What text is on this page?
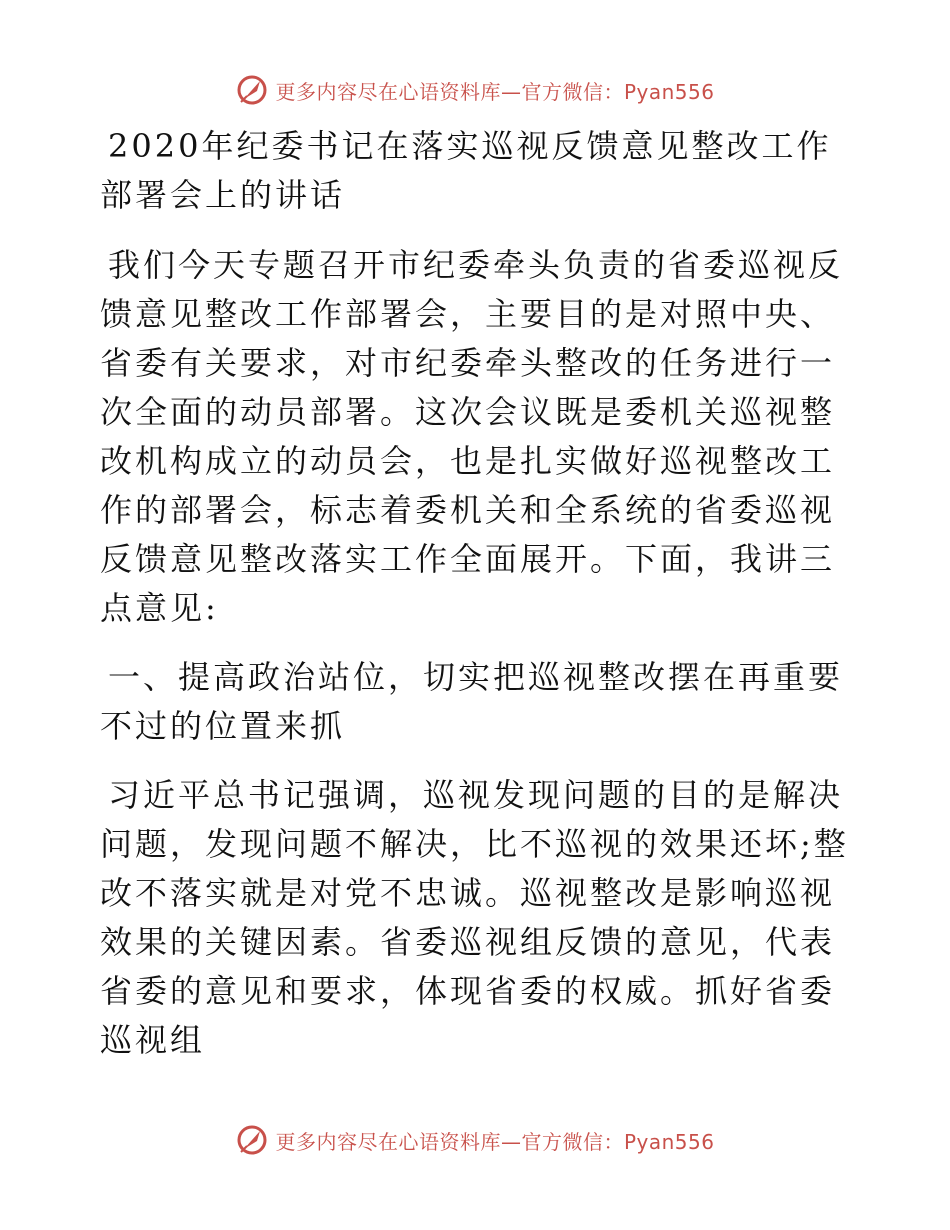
更多内容尽在心语资料库—官方微信：Pyan556

2020年纪委书记在落实巡视反馈意见整改工作部署会上的讲话

我们今天专题召开市纪委牵头负责的省委巡视反馈意见整改工作部署会，主要目的是对照中央、省委有关要求，对市纪委牵头整改的任务进行一次全面的动员部署。这次会议既是委机关巡视整改机构成立的动员会，也是扎实做好巡视整改工作的部署会，标志着委机关和全系统的省委巡视反馈意见整改落实工作全面展开。下面，我讲三点意见:

一、提高政治站位，切实把巡视整改摆在再重要不过的位置来抓

习近平总书记强调，巡视发现问题的目的是解决问题，发现问题不解决，比不巡视的效果还坏;整改不落实就是对党不忠诚。巡视整改是影响巡视效果的关键因素。省委巡视组反馈的意见，代表省委的意见和要求，体现省委的权威。抓好省委巡视组

更多内容尽在心语资料库—官方微信：Pyan556
